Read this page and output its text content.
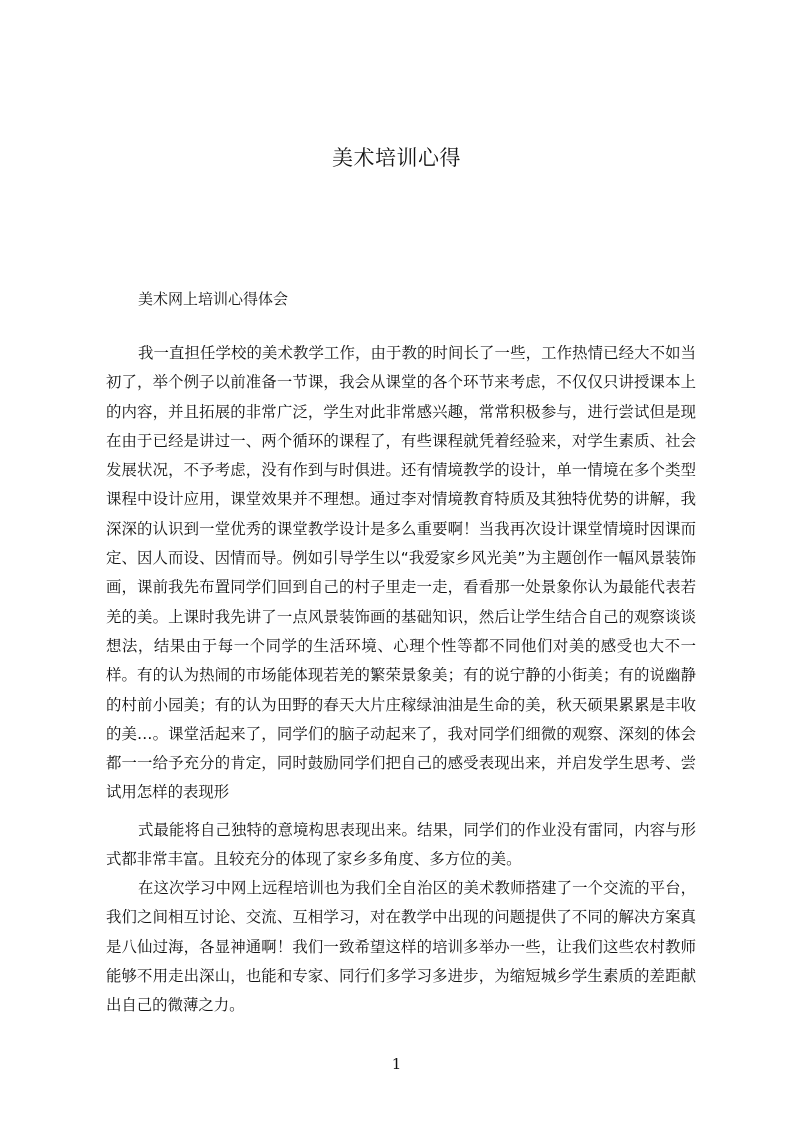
美术培训心得

美术网上培训心得体会

我一直担任学校的美术教学工作，由于教的时间长了一些，工作热情已经大不如当初了，举个例子以前准备一节课，我会从课堂的各个环节来考虑，不仅仅只讲授课本上的内容，并且拓展的非常广泛，学生对此非常感兴趣，常常积极参与，进行尝试但是现在由于已经是讲过一、两个循环的课程了，有些课程就凭着经验来，对学生素质、社会发展状况，不予考虑，没有作到与时俱进。还有情境教学的设计，单一情境在多个类型课程中设计应用，课堂效果并不理想。通过李对情境教育特质及其独特优势的讲解，我深深的认识到一堂优秀的课堂教学设计是多么重要啊！当我再次设计课堂情境时因课而定、因人而设、因情而导。例如引导学生以“我爱家乡风光美”为主题创作一幅风景装饰画，课前我先布置同学们回到自己的村子里走一走，看看那一处景象你认为最能代表若羌的美。上课时我先讲了一点风景装饰画的基础知识，然后让学生结合自己的观察谈谈想法，结果由于每一个同学的生活环境、心理个性等都不同他们对美的感受也大不一样。有的认为热闹的市场能体现若羌的繁荣景象美；有的说宁静的小街美；有的说幽静的村前小园美；有的认为田野的春天大片庄稼绿油油是生命的美，秋天硕果累累是丰收的美…。课堂活起来了，同学们的脑子动起来了，我对同学们细微的观察、深刻的体会都一一给予充分的肯定，同时鼓励同学们把自己的感受表现出来，并启发学生思考、尝试用怎样的表现形

式最能将自己独特的意境构思表现出来。结果，同学们的作业没有雷同，内容与形式都非常丰富。且较充分的体现了家乡多角度、多方位的美。

在这次学习中网上远程培训也为我们全自治区的美术教师搭建了一个交流的平台，我们之间相互讨论、交流、互相学习，对在教学中出现的问题提供了不同的解决方案真是八仙过海，各显神通啊！我们一致希望这样的培训多举办一些，让我们这些农村教师能够不用走出深山，也能和专家、同行们多学习多进步，为缩短城乡学生素质的差距献出自己的微薄之力。

1
